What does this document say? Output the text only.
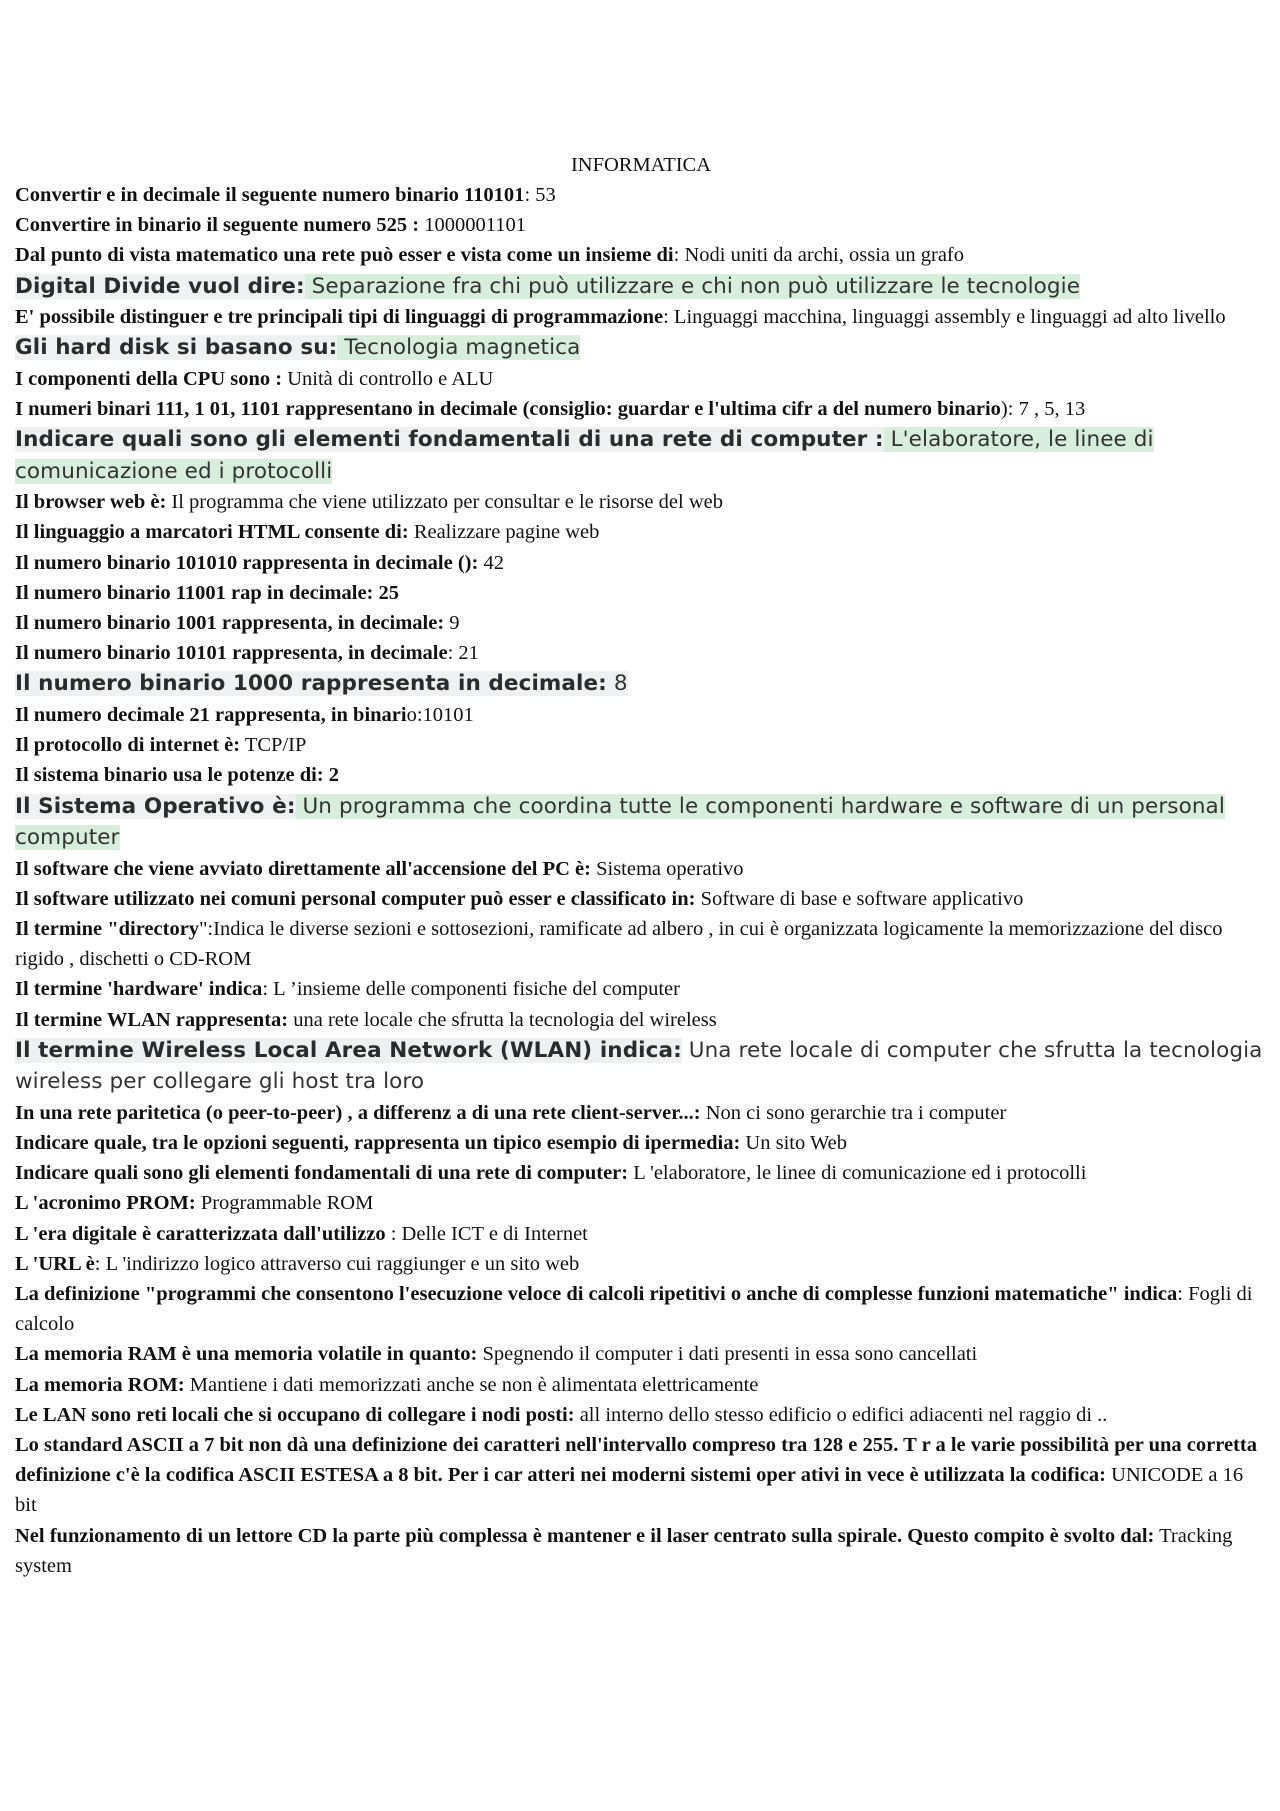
INFORMATICA

Convertir e in decimale il seguente numero binario 110101: 53

Convertire in binario il seguente numero 525 : 1000001101

Dal punto di vista matematico una rete può esser e vista come un insieme di: Nodi uniti da archi, ossia un grafo

Digital Divide vuol dire: Separazione fra chi può utilizzare e chi non può utilizzare le tecnologie

E' possibile distinguer e tre principali tipi di linguaggi di programmazione: Linguaggi macchina, linguaggi assembly e linguaggi ad alto livello

Gli hard disk si basano su: Tecnologia magnetica

I componenti della CPU sono : Unità di controllo e ALU

I numeri binari 111, 1 01, 1101 rappresentano in decimale (consiglio: guardar e l'ultima cifr a del numero binario): 7 , 5, 13

Indicare quali sono gli elementi fondamentali di una rete di computer : L'elaboratore, le linee di comunicazione ed i protocolli

Il browser web è: Il programma che viene utilizzato per consultar e le risorse del web

Il linguaggio a marcatori HTML consente di: Realizzare pagine web

Il numero binario 101010 rappresenta in decimale (): 42

Il numero binario 11001 rap in decimale: 25

Il numero binario 1001 rappresenta, in decimale: 9

Il numero binario 10101 rappresenta, in decimale: 21

Il numero binario 1000 rappresenta in decimale: 8

Il numero decimale 21 rappresenta, in binario:10101

Il protocollo di internet è: TCP/IP

Il sistema binario usa le potenze di: 2

Il Sistema Operativo è: Un programma che coordina tutte le componenti hardware e software di un personal computer

Il software che viene avviato direttamente all'accensione del PC è: Sistema operativo

Il software utilizzato nei comuni personal computer può esser e classificato in: Software di base e software applicativo

Il termine "directory":Indica le diverse sezioni e sottosezioni, ramificate ad albero , in cui è organizzata logicamente la memorizzazione del disco rigido , dischetti o CD-ROM

Il termine 'hardware' indica: L ’insieme delle componenti fisiche del computer

Il termine WLAN rappresenta: una rete locale che sfrutta la tecnologia del wireless

Il termine Wireless Local Area Network (WLAN) indica: Una rete locale di computer che sfrutta la tecnologia wireless per collegare gli host tra loro

In una rete paritetica (o peer-to-peer) , a differenz a di una rete client-server...: Non ci sono gerarchie tra i computer

Indicare quale, tra le opzioni seguenti, rappresenta un tipico esempio di ipermedia: Un sito Web

Indicare quali sono gli elementi fondamentali di una rete di computer: L 'elaboratore, le linee di comunicazione ed i protocolli

L 'acronimo PROM: Programmable ROM

L 'era digitale è caratterizzata dall'utilizzo : Delle ICT e di Internet

L 'URL è: L 'indirizzo logico attraverso cui raggiunger e un sito web

La definizione "programmi che consentono l'esecuzione veloce di calcoli ripetitivi o anche di complesse funzioni matematiche" indica: Fogli di calcolo

La memoria RAM è una memoria volatile in quanto: Spegnendo il computer i dati presenti in essa sono cancellati

La memoria ROM: Mantiene i dati memorizzati anche se non è alimentata elettricamente

Le LAN sono reti locali che si occupano di collegare i nodi posti: all interno dello stesso edificio o edifici adiacenti nel raggio di ..

Lo standard ASCII a 7 bit non dà una definizione dei caratteri nell'intervallo compreso tra 128 e 255. T r a le varie possibilità per una corretta definizione c'è la codifica ASCII ESTESA a 8 bit. Per i car atteri nei moderni sistemi oper ativi in vece è utilizzata la codifica: UNICODE a 16 bit

Nel funzionamento di un lettore CD la parte più complessa è mantener e il laser centrato sulla spirale. Questo compito è svolto dal: Tracking system
